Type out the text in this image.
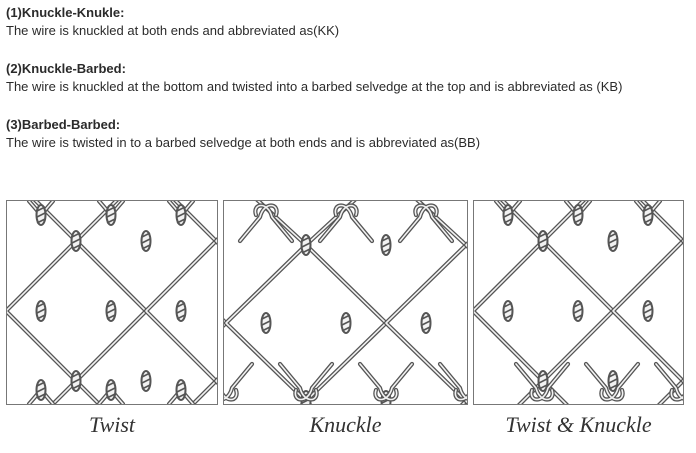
(1)Knuckle-Knukle:
The wire is knuckled at both ends and abbreviated as(KK)
(2)Knuckle-Barbed:
The wire is knuckled at the bottom and twisted into a barbed selvedge at the top and is abbreviated as (KB)
(3)Barbed-Barbed:
The wire is twisted in to a barbed selvedge at both ends and is abbreviated as(BB)
Twist	Knuckle	Twist & Knuckle
